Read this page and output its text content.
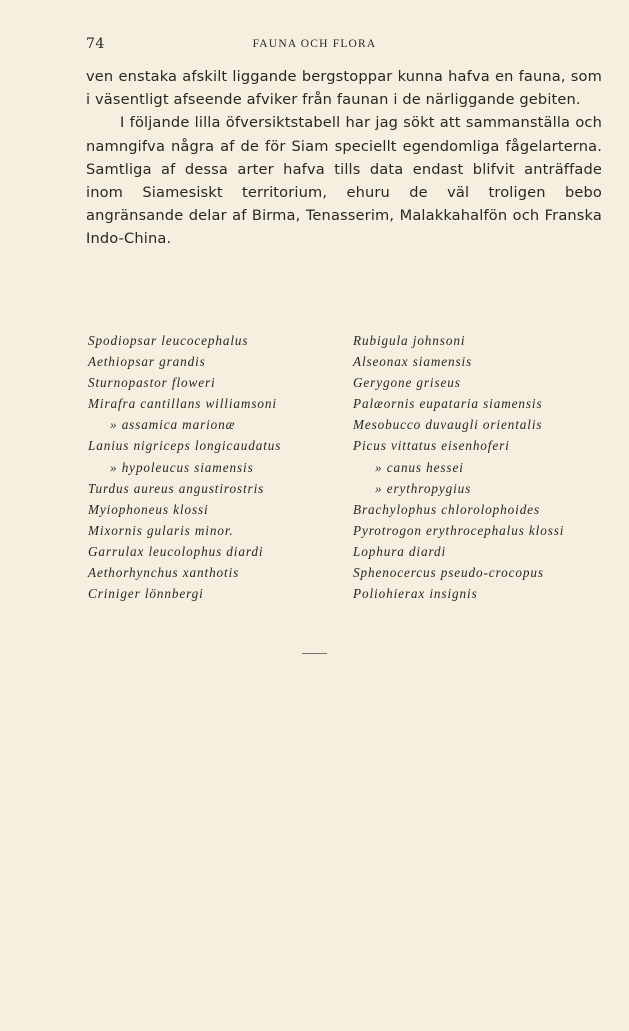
74	FAUNA OCH FLORA

ven enstaka afskilt liggande bergstoppar kunna hafva en fauna, som i väsentligt afseende afviker från faunan i de närliggande gebiten.

I följande lilla öfversiktstabell har jag sökt att sammanställa och namngifva några af de för Siam speciellt egendomliga fågelarterna. Samtliga af dessa arter hafva tills data endast blifvit anträffade inom Siamesiskt territorium, ehuru de väl troligen bebo angränsande delar af Birma, Tenasserim, Malakkahalfön och Franska Indo-China.

Spodiopsar leucocephalus
Aethiopsar grandis
Sturnopastor floweri
Mirafra cantillans williamsoni
» assamica marionæ
Lanius nigriceps longicaudatus
» hypoleucus siamensis
Turdus aureus angustirostris
Myiophoneus klossi
Mixornis gularis minor.
Garrulax leucolophus diardi
Aethorhynchus xanthotis
Criniger lönnbergi
Rubigula johnsoni
Alseonax siamensis
Gerygone griseus
Palæornis eupataria siamensis
Mesobucco duvaugli orientalis
Picus vittatus eisenhoferi
» canus hessei
» erythropygius
Brachylophus chlorolophoides
Pyrotrogon erythrocephalus klossi
Lophura diardi
Sphenocercus pseudo-crocopus
Poliohierax insignis
